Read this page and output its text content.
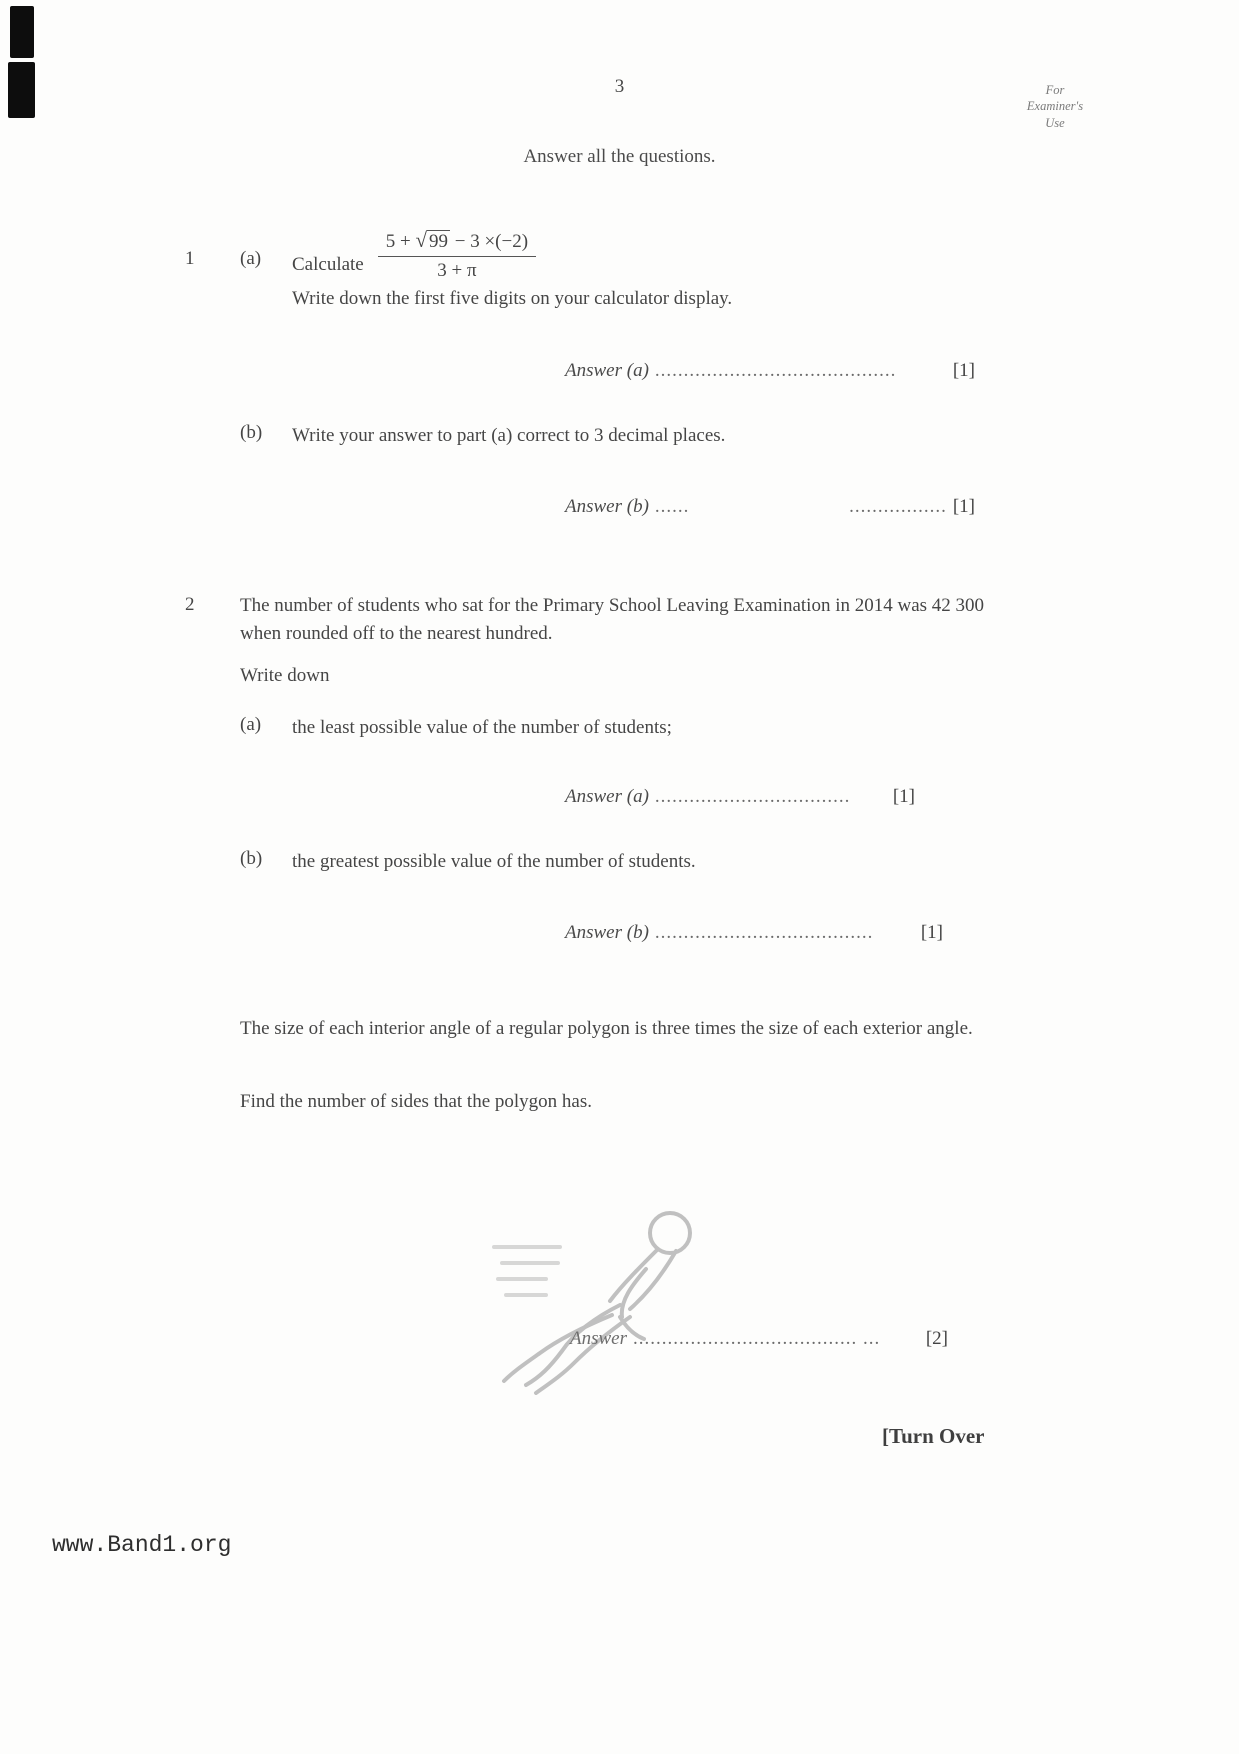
3	For
Examiner's
Use
Answer all the questions.
1 (a) Calculate $\frac{5 + √ 99 - 3 \times(-2)}{3 + \pi}$
Write down the first five digits on your calculator display.
Answer (a) ..........................................	[1]
(b) Write your answer to part (a) correct to 3 decimal places.
Answer (b) ......	................. [1]
2 The number of students who sat for the Primary School Leaving Examination in 2014 was 42 300 when rounded off to the nearest hundred.
Write down
(a) the least possible value of the number of students;
Answer (a) ..................................	[1]
(b) the greatest possible value of the number of students.
Answer (b) ......................................	[1]
The size of each interior angle of a regular polygon is three times the size of each exterior angle.
Find the number of sides that the polygon has.
Answer ....................................... ...	[2]
[Turn Over
www.Band1.org
